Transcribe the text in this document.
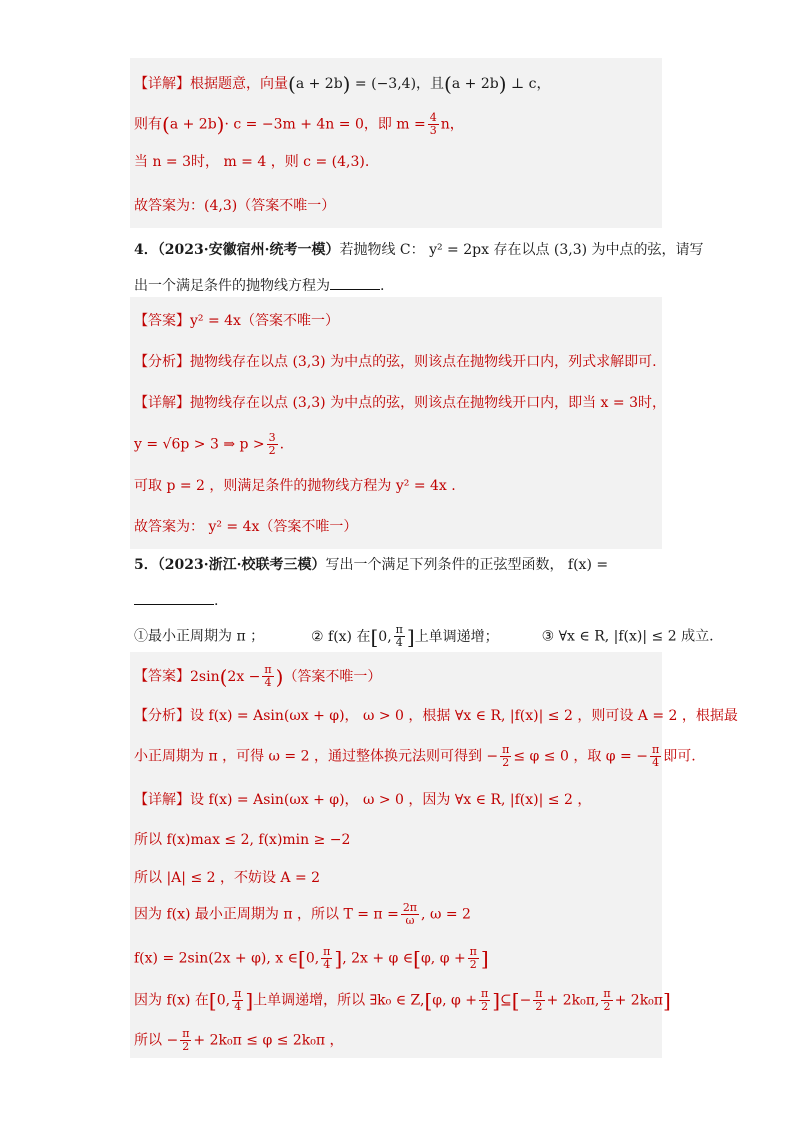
【详解】根据题意，向量(a + 2b) = (−3,4)，且(a + 2b) ⊥ c，
则有(a + 2b)· c = −3m + 4n = 0，即 $m = \frac{4}{3}$ n，
当 n = 3时， m = 4 ，则 c = (4,3).
故答案为：(4,3)（答案不唯一）
4．（2023·安徽宿州·统考一模）若抛物线 C： y² = 2px 存在以点 (3,3) 为中点的弦，请写
出一个满足条件的抛物线方程为	.
【答案】y² = 4x（答案不唯一）
【分析】抛物线存在以点 (3,3) 为中点的弦，则该点在抛物线开口内，列式求解即可.
【详解】抛物线存在以点 (3,3) 为中点的弦，则该点在抛物线开口内，即当 x = 3时，
y = √6p > 3 ⇒ $p > \frac{3}{2}$ .
可取 p = 2 ，则满足条件的抛物线方程为 y² = 4x .
故答案为： y² = 4x（答案不唯一）
5．（2023·浙江·校联考三模）写出一个满足下列条件的正弦型函数， f(x) =
.
①最小正周期为 π ；	② f(x) 在[0, $\frac{\pi}{4}$ ]上单调递增；	③ ∀x ∈ R, |f(x)| ≤ 2 成立.
【答案】$2\sin(2x - \frac{\pi}{4}$ )（答案不唯一）
【分析】设 f(x) = Asin(ωx + φ)， ω > 0 ，根据 ∀x ∈ R, |f(x)| ≤ 2 ，则可设 A = 2 ，根据最
小正周期为 π ，可得 ω = 2 ，通过整体换元法则可得到 − $\frac{\pi}{2} \le \varphi \le 0$ ，取 φ = − $\frac{\pi}{4}$ 即可.
【详解】设 f(x) = Asin(ωx + φ)， ω > 0 ，因为 ∀x ∈ R, |f(x)| ≤ 2 ，
所以 f(x)max ≤ 2, f(x)min ≥ −2
所以 |A| ≤ 2 ，不妨设 A = 2
因为 f(x) 最小正周期为 π ，所以 $T = \pi = \frac{2\pi}{\omega}$ , ω = 2
f(x) = 2sin(2x + φ), x ∈[0, $\frac{\pi}{4}$ ], 2x + φ ∈[φ, $\varphi + \frac{\pi}{2}$ ]
因为 f(x) 在[0, $\frac{\pi}{4}$ ]上单调递增，所以 ∃k₀ ∈ Z,[φ, $\varphi + \frac{\pi}{2}$ ]⊆[− $\frac{\pi}{2} + 2k_0\pi$, $\frac{\pi}{2} + 2k_0\pi$]
所以 − $\frac{\pi}{2} + 2k_0\pi \le \varphi \le 2k_0\pi$ ，
